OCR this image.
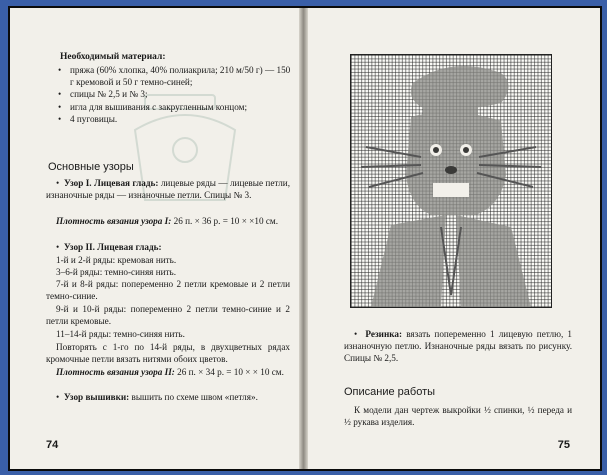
Необходимый материал:
• пряжа (60% хлопка, 40% полиакрила; 210 м/50 г) — 150 г кремовой и 50 г темно-синей;
• спицы № 2,5 и № 3;
• игла для вышивания с закругленным концом;
• 4 пуговицы.
Основные узоры
•  Узор I. Лицевая гладь: лицевые ряды — лицевые петли, изнаночные ряды — изнаночные петли. Спицы № 3.
Плотность вязания узора I: 26 п. × 36 р. = 10 × ×10 см.
•  Узор II. Лицевая гладь:
1-й и 2-й ряды: кремовая нить.
3–6-й ряды: темно-синяя нить.
7-й и 8-й ряды: попеременно 2 петли кремовые и 2 петли темно-синие.
9-й и 10-й ряды: попеременно 2 петли темно-синие и 2 петли кремовые.
11–14-й ряды: темно-синяя нить.
Повторять с 1-го по 14-й ряды, в двухцветных рядах кромочные петли вязать нитями обоих цветов.
Плотность вязания узора II: 26 п. × 34 р. = 10 × × 10 см.
•  Узор вышивки: вышить по схеме швом «петля».
74
•  Резинка: вязать попеременно 1 лицевую петлю, 1 изнаночную петлю. Изнаночные ряды вязать по рисунку. Спицы № 2,5.
Описание работы
К модели дан чертеж выкройки ½ спинки, ½ переда и ½ рукава изделия.
75
